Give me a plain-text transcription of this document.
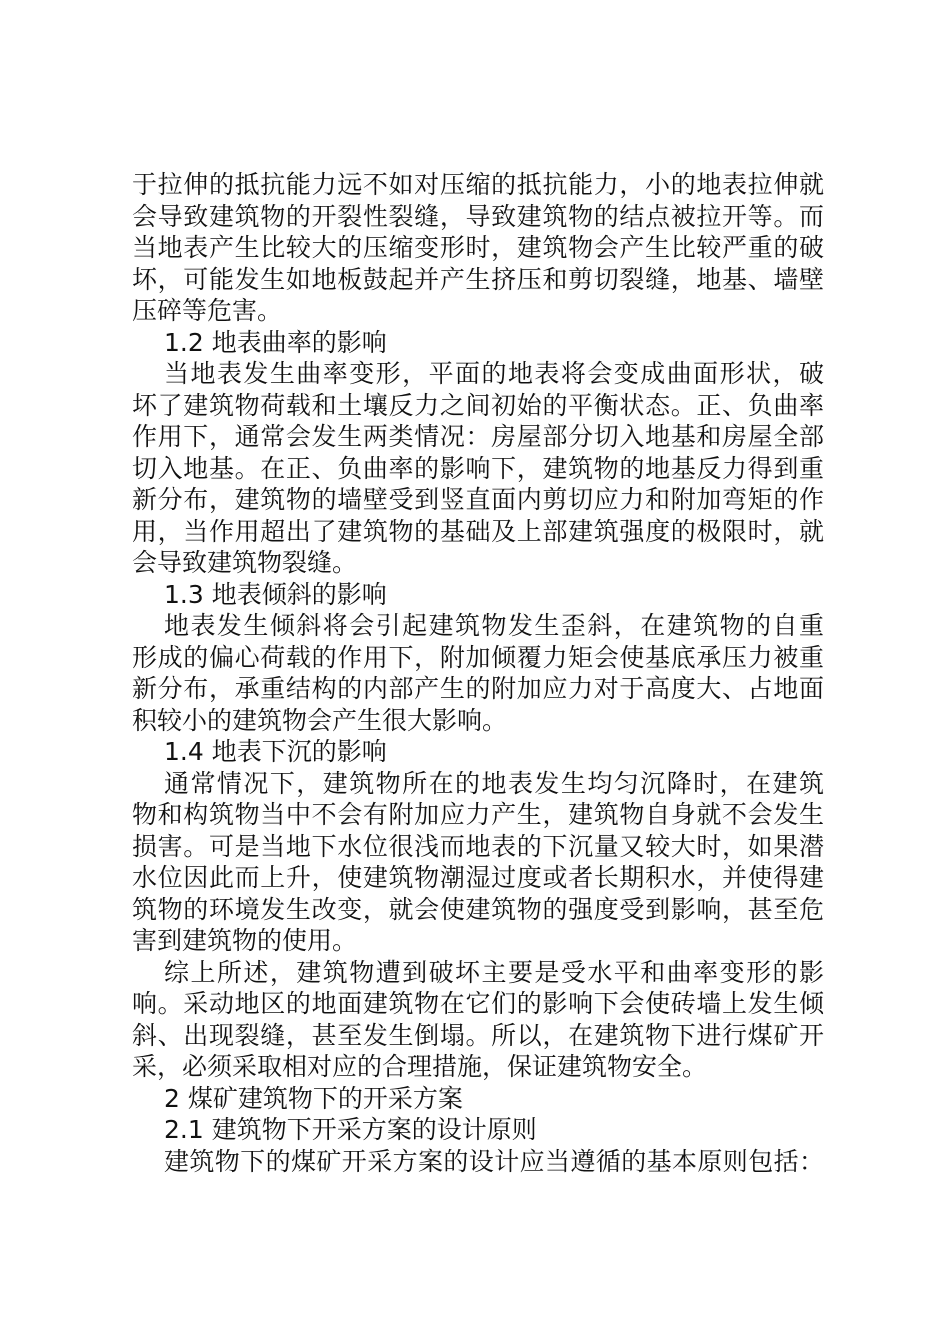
于拉伸的抵抗能力远不如对压缩的抵抗能力，小的地表拉伸就
会导致建筑物的开裂性裂缝，导致建筑物的结点被拉开等。而
当地表产生比较大的压缩变形时，建筑物会产生比较严重的破
坏，可能发生如地板鼓起并产生挤压和剪切裂缝，地基、墙壁
压碎等危害。
1.2 地表曲率的影响
当地表发生曲率变形，平面的地表将会变成曲面形状，破
坏了建筑物荷载和土壤反力之间初始的平衡状态。正、负曲率
作用下，通常会发生两类情况：房屋部分切入地基和房屋全部
切入地基。在正、负曲率的影响下，建筑物的地基反力得到重
新分布，建筑物的墙壁受到竖直面内剪切应力和附加弯矩的作
用，当作用超出了建筑物的基础及上部建筑强度的极限时，就
会导致建筑物裂缝。
1.3 地表倾斜的影响
地表发生倾斜将会引起建筑物发生歪斜，在建筑物的自重
形成的偏心荷载的作用下，附加倾覆力矩会使基底承压力被重
新分布，承重结构的内部产生的附加应力对于高度大、占地面
积较小的建筑物会产生很大影响。
1.4 地表下沉的影响
通常情况下，建筑物所在的地表发生均匀沉降时，在建筑
物和构筑物当中不会有附加应力产生，建筑物自身就不会发生
损害。可是当地下水位很浅而地表的下沉量又较大时，如果潜
水位因此而上升，使建筑物潮湿过度或者长期积水，并使得建
筑物的环境发生改变，就会使建筑物的强度受到影响，甚至危
害到建筑物的使用。
综上所述，建筑物遭到破坏主要是受水平和曲率变形的影
响。采动地区的地面建筑物在它们的影响下会使砖墙上发生倾
斜、出现裂缝，甚至发生倒塌。所以，在建筑物下进行煤矿开
采，必须采取相对应的合理措施，保证建筑物安全。
2 煤矿建筑物下的开采方案
2.1 建筑物下开采方案的设计原则
建筑物下的煤矿开采方案的设计应当遵循的基本原则包括：
